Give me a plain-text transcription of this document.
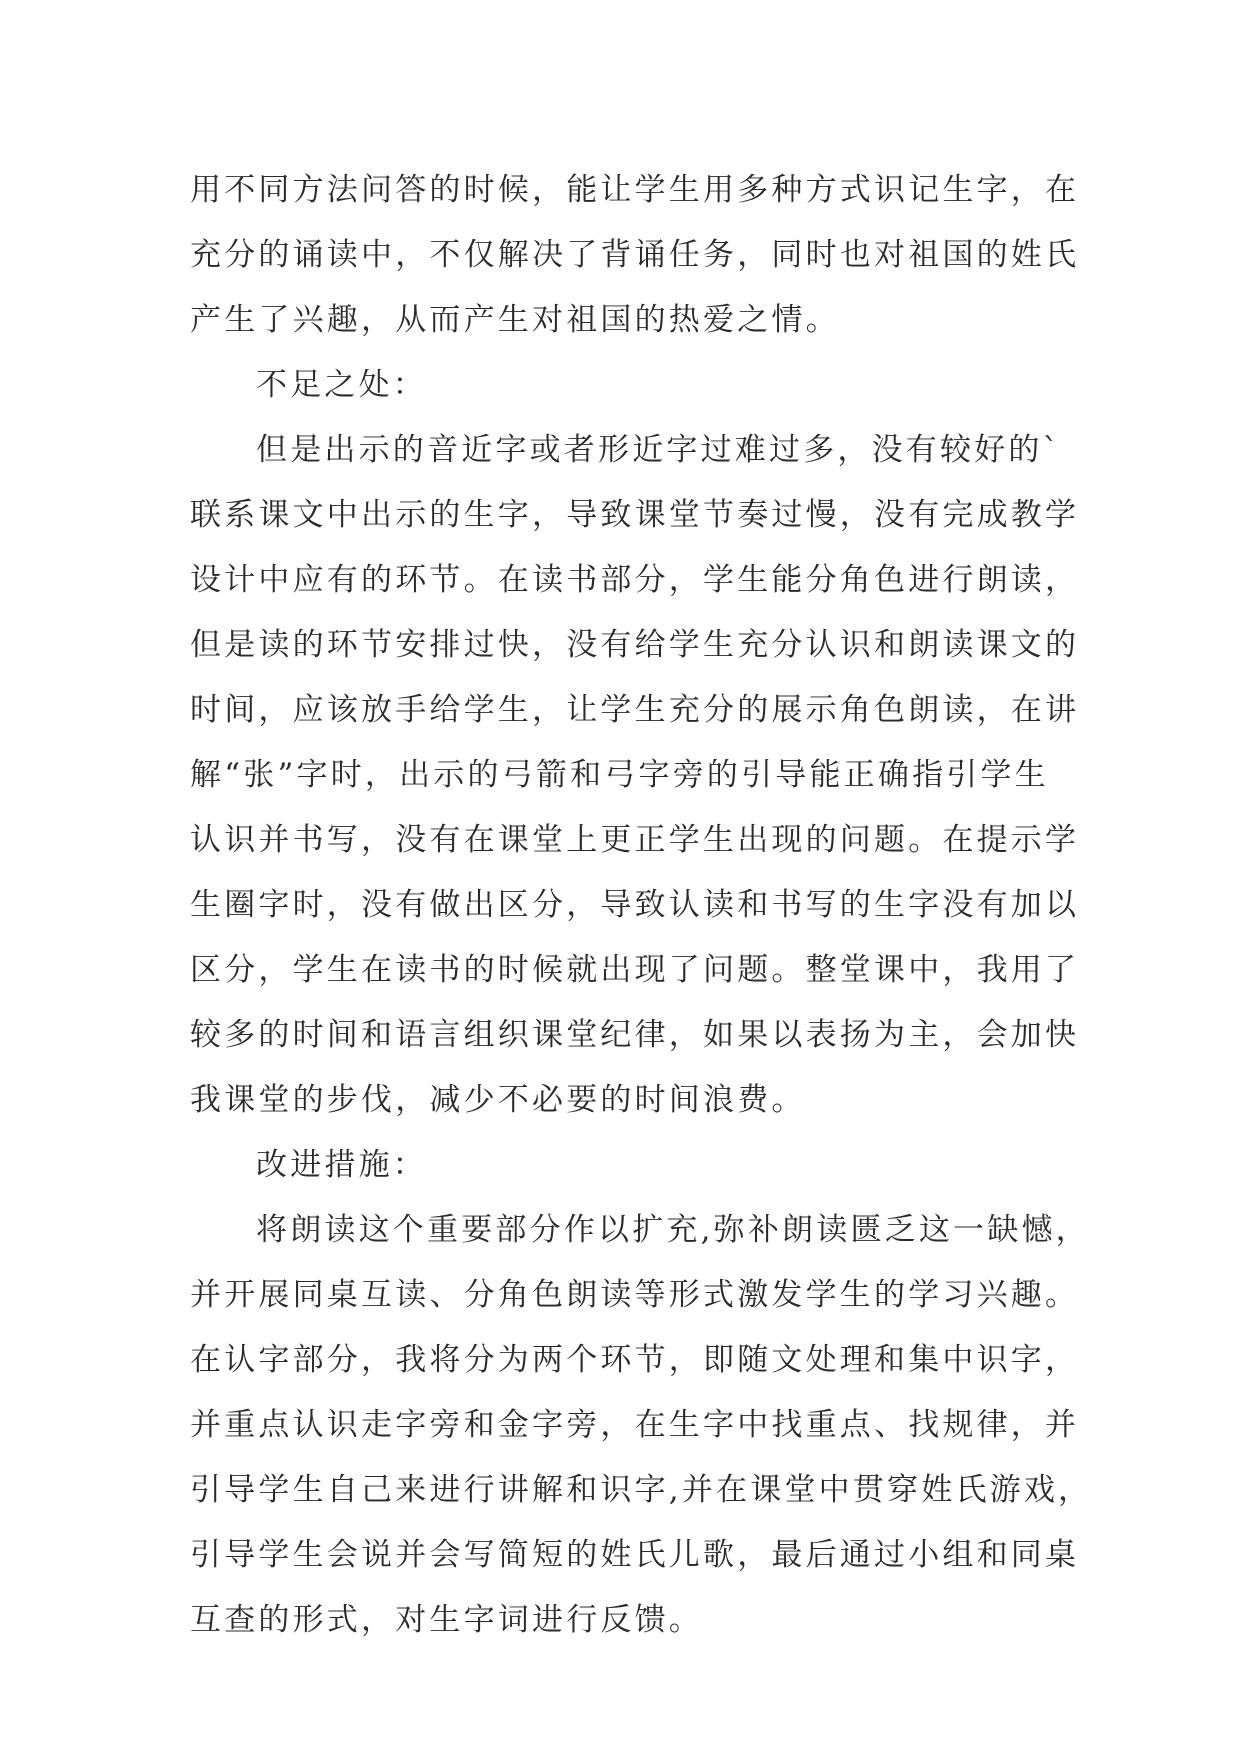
用不同方法问答的时候，能让学生用多种方式识记生字，在
充分的诵读中，不仅解决了背诵任务，同时也对祖国的姓氏
产生了兴趣，从而产生对祖国的热爱之情。
不足之处：
但是出示的音近字或者形近字过难过多，没有较好的`
联系课文中出示的生字，导致课堂节奏过慢，没有完成教学
设计中应有的环节。在读书部分，学生能分角色进行朗读，
但是读的环节安排过快，没有给学生充分认识和朗读课文的
时间，应该放手给学生，让学生充分的展示角色朗读，在讲
解“张”字时，出示的弓箭和弓字旁的引导能正确指引学生
认识并书写，没有在课堂上更正学生出现的问题。在提示学
生圈字时，没有做出区分，导致认读和书写的生字没有加以
区分，学生在读书的时候就出现了问题。整堂课中，我用了
较多的时间和语言组织课堂纪律，如果以表扬为主，会加快
我课堂的步伐，减少不必要的时间浪费。
改进措施：
将朗读这个重要部分作以扩充,弥补朗读匮乏这一缺憾，
并开展同桌互读、分角色朗读等形式激发学生的学习兴趣。
在认字部分，我将分为两个环节，即随文处理和集中识字，
并重点认识走字旁和金字旁，在生字中找重点、找规律，并
引导学生自己来进行讲解和识字,并在课堂中贯穿姓氏游戏，
引导学生会说并会写简短的姓氏儿歌，最后通过小组和同桌
互查的形式，对生字词进行反馈。
